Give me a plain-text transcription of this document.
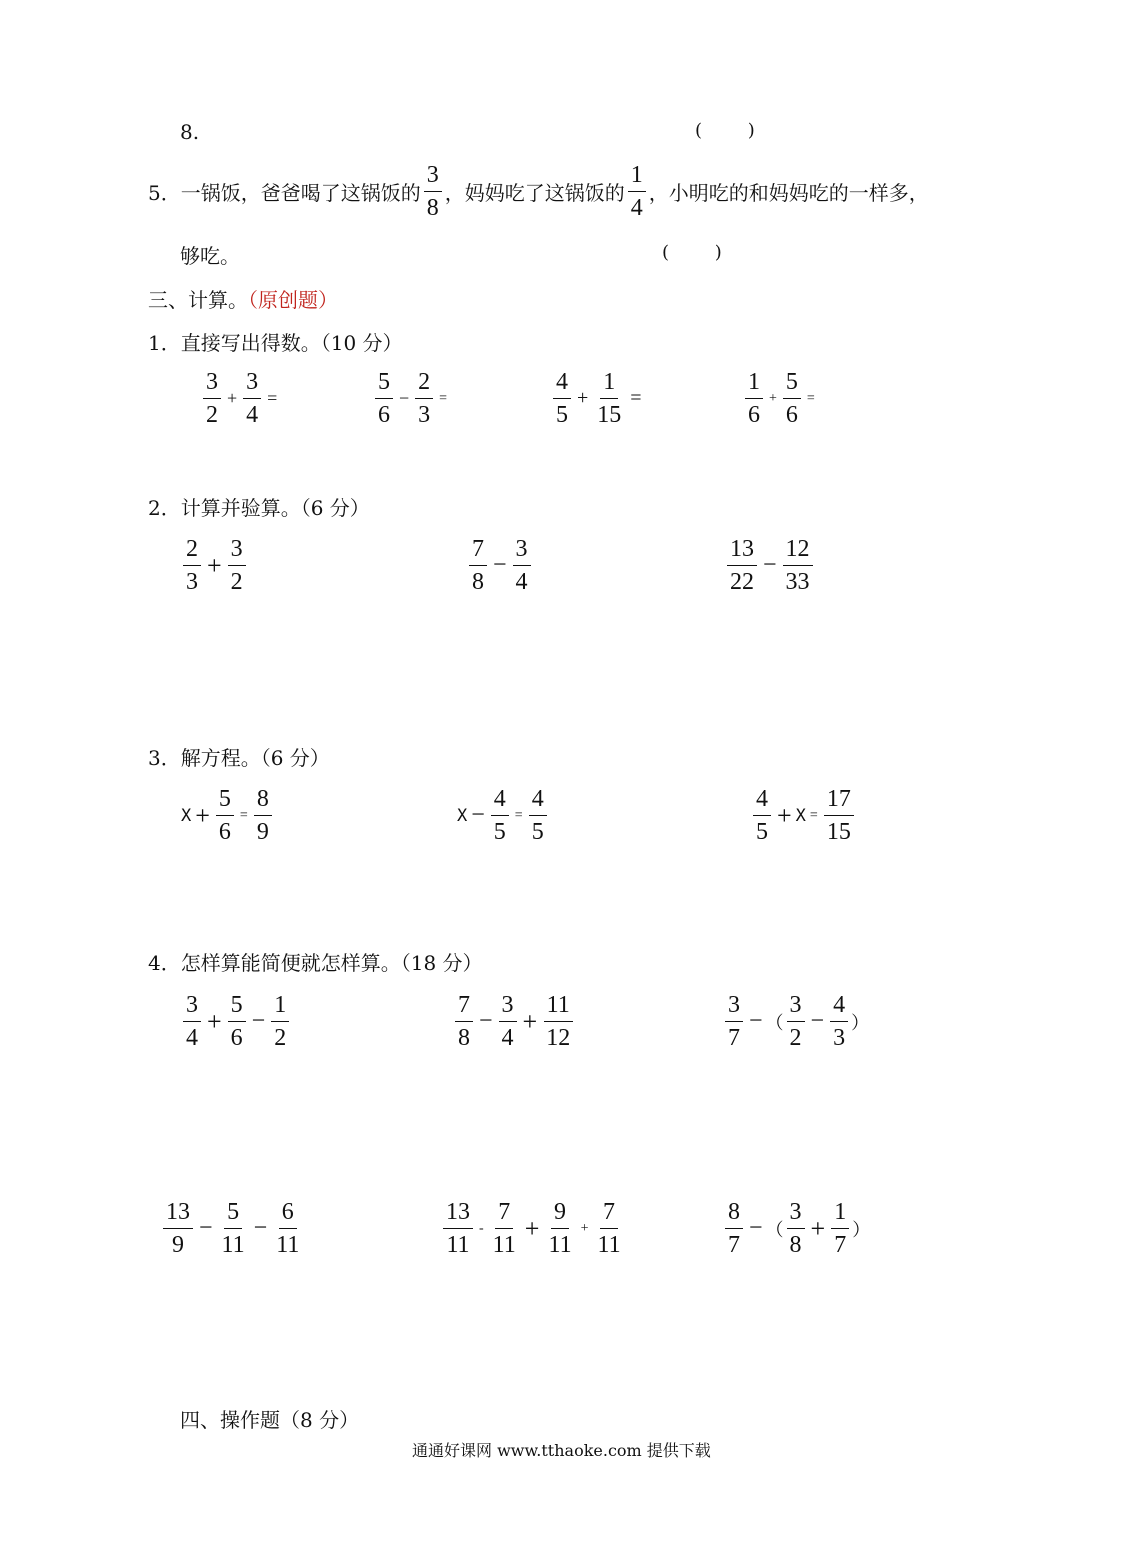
8.	(        )
5．一锅饭，爸爸喝了这锅饭的 $\frac{3}{8}$ ，妈妈吃了这锅饭的 $\frac{1}{4}$ ，小明吃的和妈妈吃的一样多，
够吃。	(        )
三、计算。（原创题）
1．直接写出得数。（10 分）
$\frac{3}{2} + \frac{3}{4}$ =	$\frac{5}{6} - \frac{2}{3}$ =	$\frac{4}{5} + \frac{1}{15}$ =	$\frac{1}{6} + \frac{5}{6}$ =
2．计算并验算。（6 分）
$\frac{2}{3} + \frac{3}{2}$	$\frac{7}{8} - \frac{3}{4}$	$\frac{13}{22} - \frac{12}{33}$
3．解方程。（6 分）
$X + \frac{5}{6} = \frac{8}{9}$	$X - \frac{4}{5} = \frac{4}{5}$	$\frac{4}{5} + X = \frac{17}{15}$
4．怎样算能简便就怎样算。（18 分）
$\frac{3}{4} + \frac{5}{6} - \frac{1}{2}$	$\frac{7}{8} - \frac{3}{4} + \frac{11}{12}$	$\frac{3}{7}$ − （ $\frac{3}{2} - \frac{4}{3}$ ）
$\frac{13}{9} - \frac{5}{11} - \frac{6}{11}$	$\frac{13}{11} - \frac{7}{11} + \frac{9}{11} + \frac{7}{11}$	$\frac{8}{7}$ − （ $\frac{3}{8} + \frac{1}{7}$ ）
四、操作题（8 分）
通通好课网 www.tthaoke.com 提供下载
